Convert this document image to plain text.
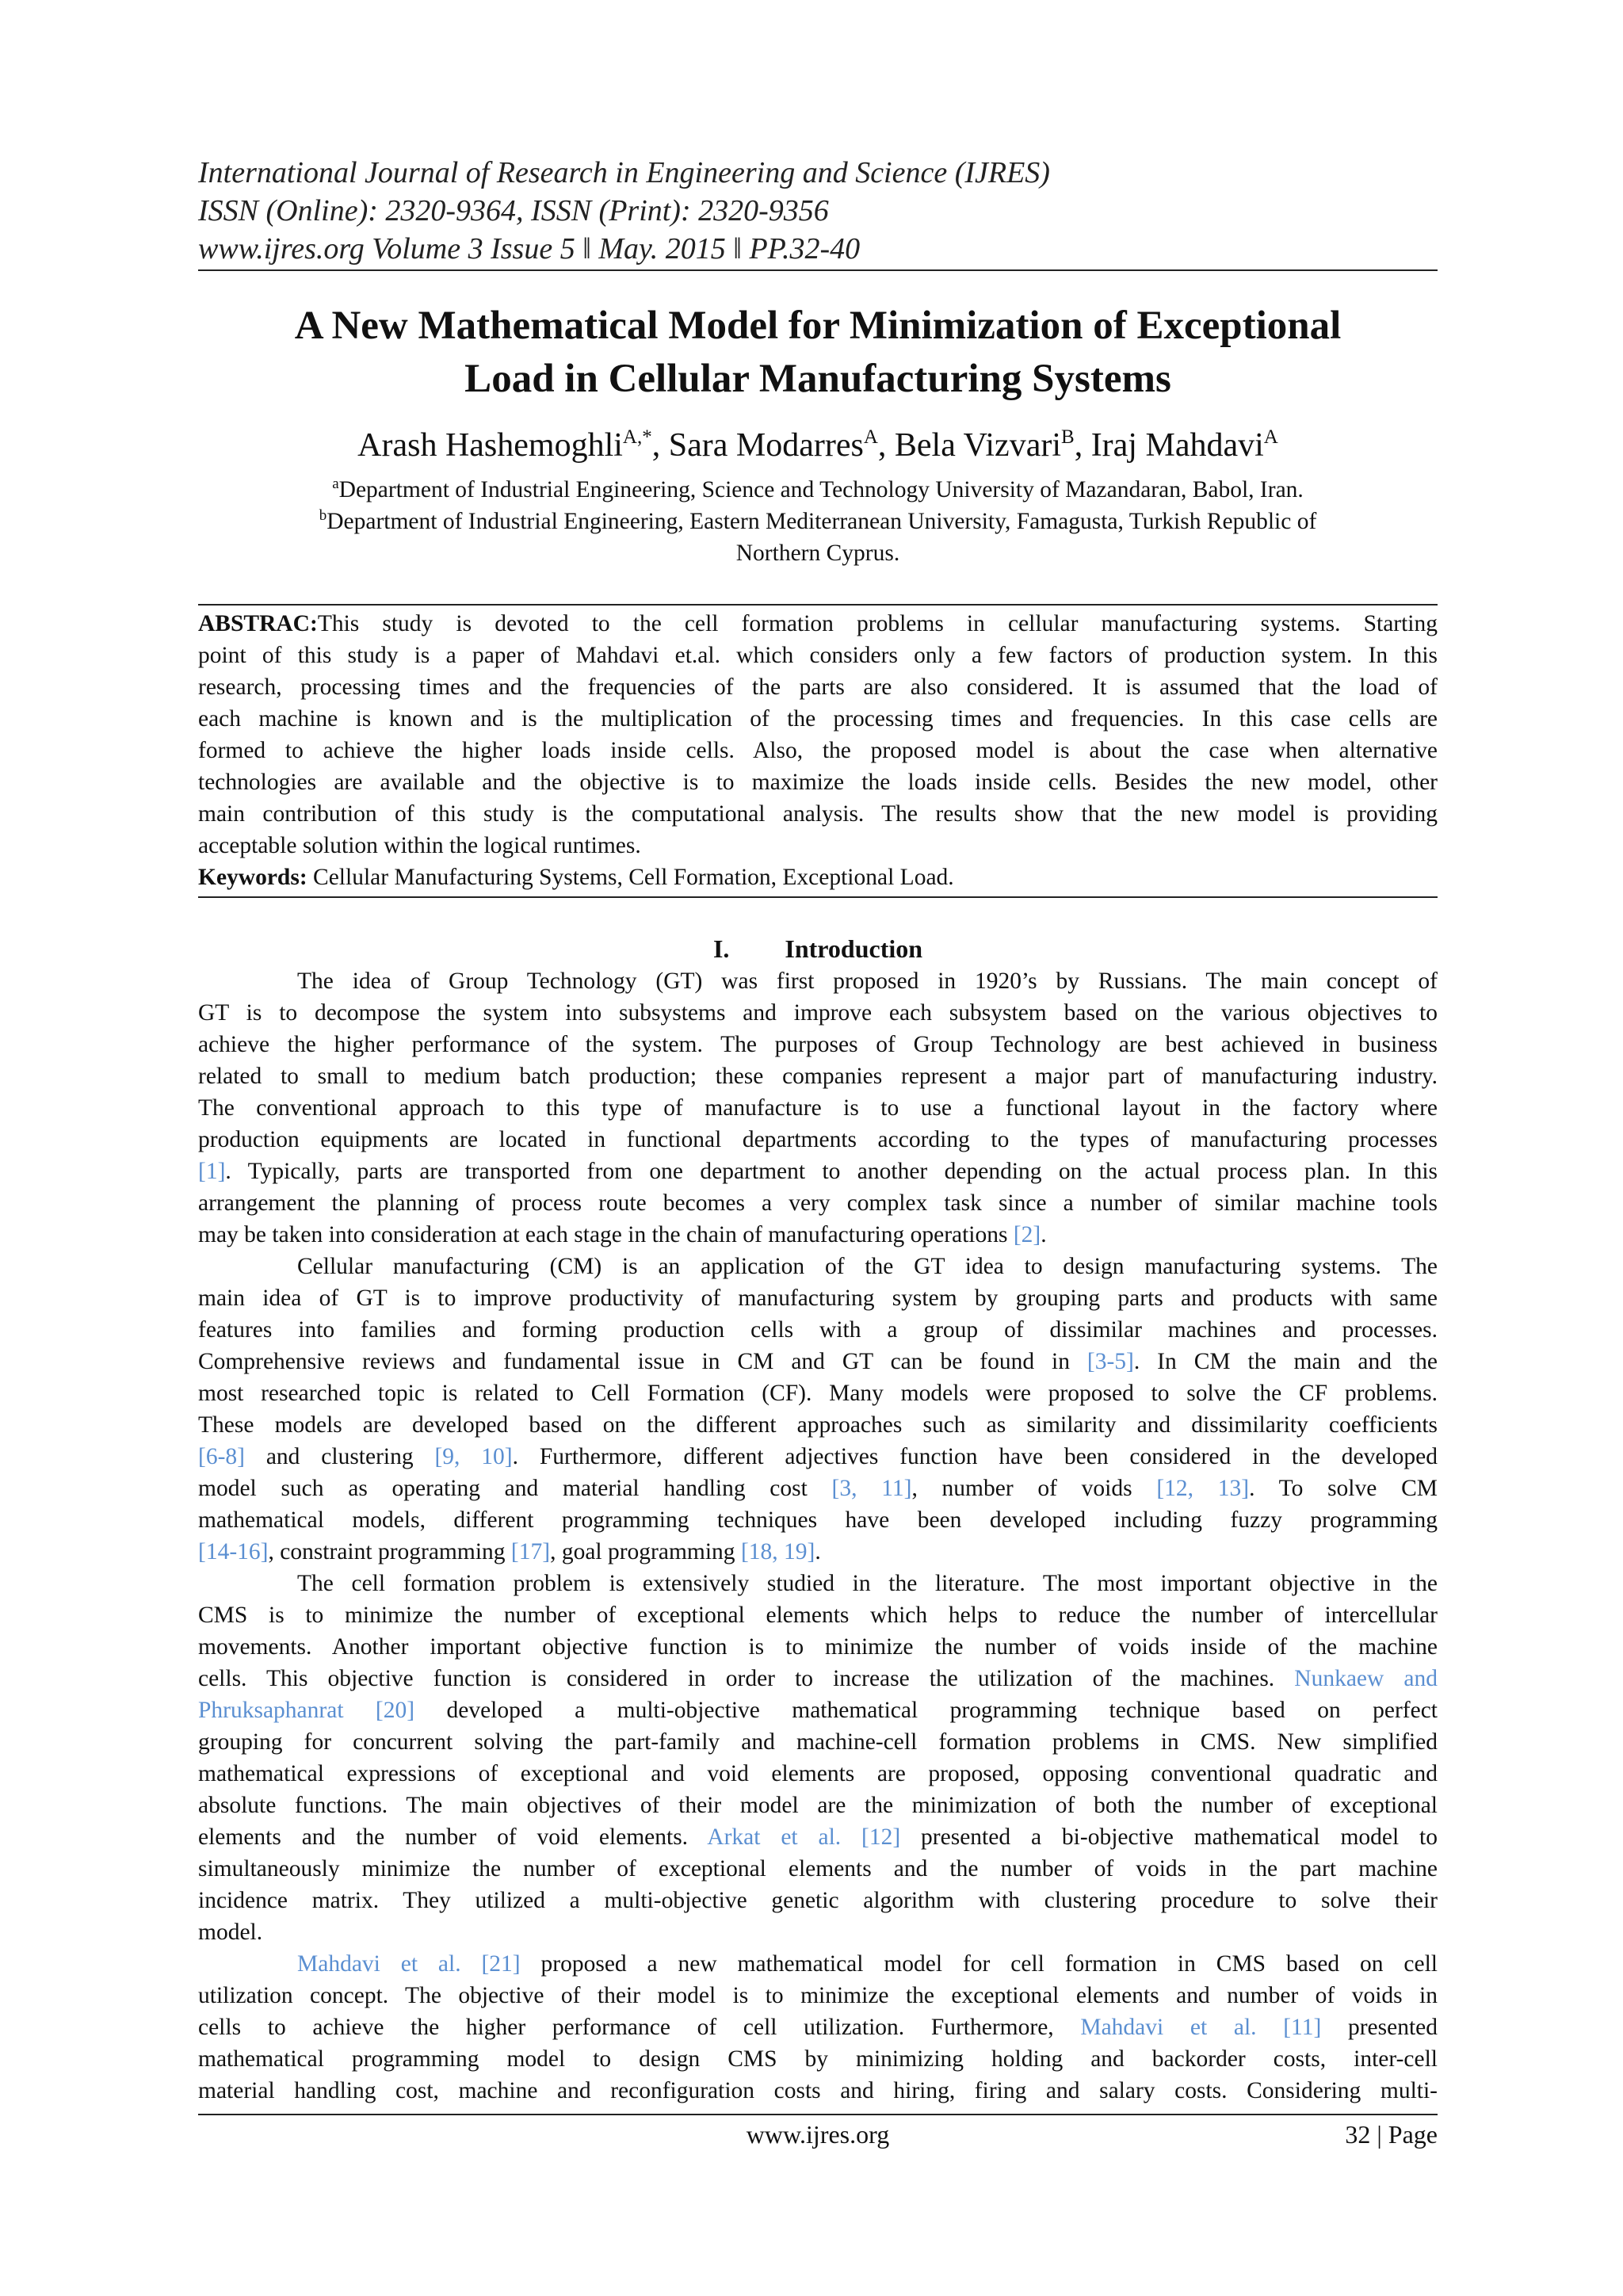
International Journal of Research in Engineering and Science (IJRES)
ISSN (Online): 2320-9364, ISSN (Print): 2320-9356
www.ijres.org Volume 3 Issue 5 ǁ May. 2015 ǁ PP.32-40
A New Mathematical Model for Minimization of Exceptional
Load in Cellular Manufacturing Systems
Arash Hashemoghli$^{A,*}$, Sara Modarres$^A$, Bela Vizvari$^B$, Iraj Mahdavi$^A$
$^a$Department of Industrial Engineering, Science and Technology University of Mazandaran, Babol, Iran.
$^b$Department of Industrial Engineering, Eastern Mediterranean University, Famagusta, Turkish Republic of
Northern Cyprus.
ABSTRAC:This study is devoted to the cell formation problems in cellular manufacturing systems. Starting
point of this study is a paper of Mahdavi et.al. which considers only a few factors of production system. In this
research, processing times and the frequencies of the parts are also considered. It is assumed that the load of
each machine is known and is the multiplication of the processing times and frequencies. In this case cells are
formed to achieve the higher loads inside cells. Also, the proposed model is about the case when alternative
technologies are available and the objective is to maximize the loads inside cells. Besides the new model, other
main contribution of this study is the computational analysis. The results show that the new model is providing
acceptable solution within the logical runtimes.
Keywords: Cellular Manufacturing Systems, Cell Formation, Exceptional Load.
I. Introduction
The idea of Group Technology (GT) was first proposed in 1920’s by Russians. The main concept of
GT is to decompose the system into subsystems and improve each subsystem based on the various objectives to
achieve the higher performance of the system. The purposes of Group Technology are best achieved in business
related to small to medium batch production; these companies represent a major part of manufacturing industry.
The conventional approach to this type of manufacture is to use a functional layout in the factory where
production equipments are located in functional departments according to the types of manufacturing processes
[1]. Typically, parts are transported from one department to another depending on the actual process plan. In this
arrangement the planning of process route becomes a very complex task since a number of similar machine tools
may be taken into consideration at each stage in the chain of manufacturing operations [2].
Cellular manufacturing (CM) is an application of the GT idea to design manufacturing systems. The
main idea of GT is to improve productivity of manufacturing system by grouping parts and products with same
features into families and forming production cells with a group of dissimilar machines and processes.
Comprehensive reviews and fundamental issue in CM and GT can be found in [3-5]. In CM the main and the
most researched topic is related to Cell Formation (CF). Many models were proposed to solve the CF problems.
These models are developed based on the different approaches such as similarity and dissimilarity coefficients
[6-8] and clustering [9, 10]. Furthermore, different adjectives function have been considered in the developed
model such as operating and material handling cost [3, 11], number of voids [12, 13]. To solve CM
mathematical models, different programming techniques have been developed including fuzzy programming
[14-16], constraint programming [17], goal programming [18, 19].
The cell formation problem is extensively studied in the literature. The most important objective in the
CMS is to minimize the number of exceptional elements which helps to reduce the number of intercellular
movements. Another important objective function is to minimize the number of voids inside of the machine
cells. This objective function is considered in order to increase the utilization of the machines. Nunkaew and
Phruksaphanrat [20] developed a multi-objective mathematical programming technique based on perfect
grouping for concurrent solving the part-family and machine-cell formation problems in CMS. New simplified
mathematical expressions of exceptional and void elements are proposed, opposing conventional quadratic and
absolute functions. The main objectives of their model are the minimization of both the number of exceptional
elements and the number of void elements. Arkat et al. [12] presented a bi-objective mathematical model to
simultaneously minimize the number of exceptional elements and the number of voids in the part machine
incidence matrix. They utilized a multi-objective genetic algorithm with clustering procedure to solve their
model.
Mahdavi et al. [21] proposed a new mathematical model for cell formation in CMS based on cell
utilization concept. The objective of their model is to minimize the exceptional elements and number of voids in
cells to achieve the higher performance of cell utilization. Furthermore, Mahdavi et al. [11] presented
mathematical programming model to design CMS by minimizing holding and backorder costs, inter-cell
material handling cost, machine and reconfiguration costs and hiring, firing and salary costs. Considering multi-
www.ijres.org	32 | Page
